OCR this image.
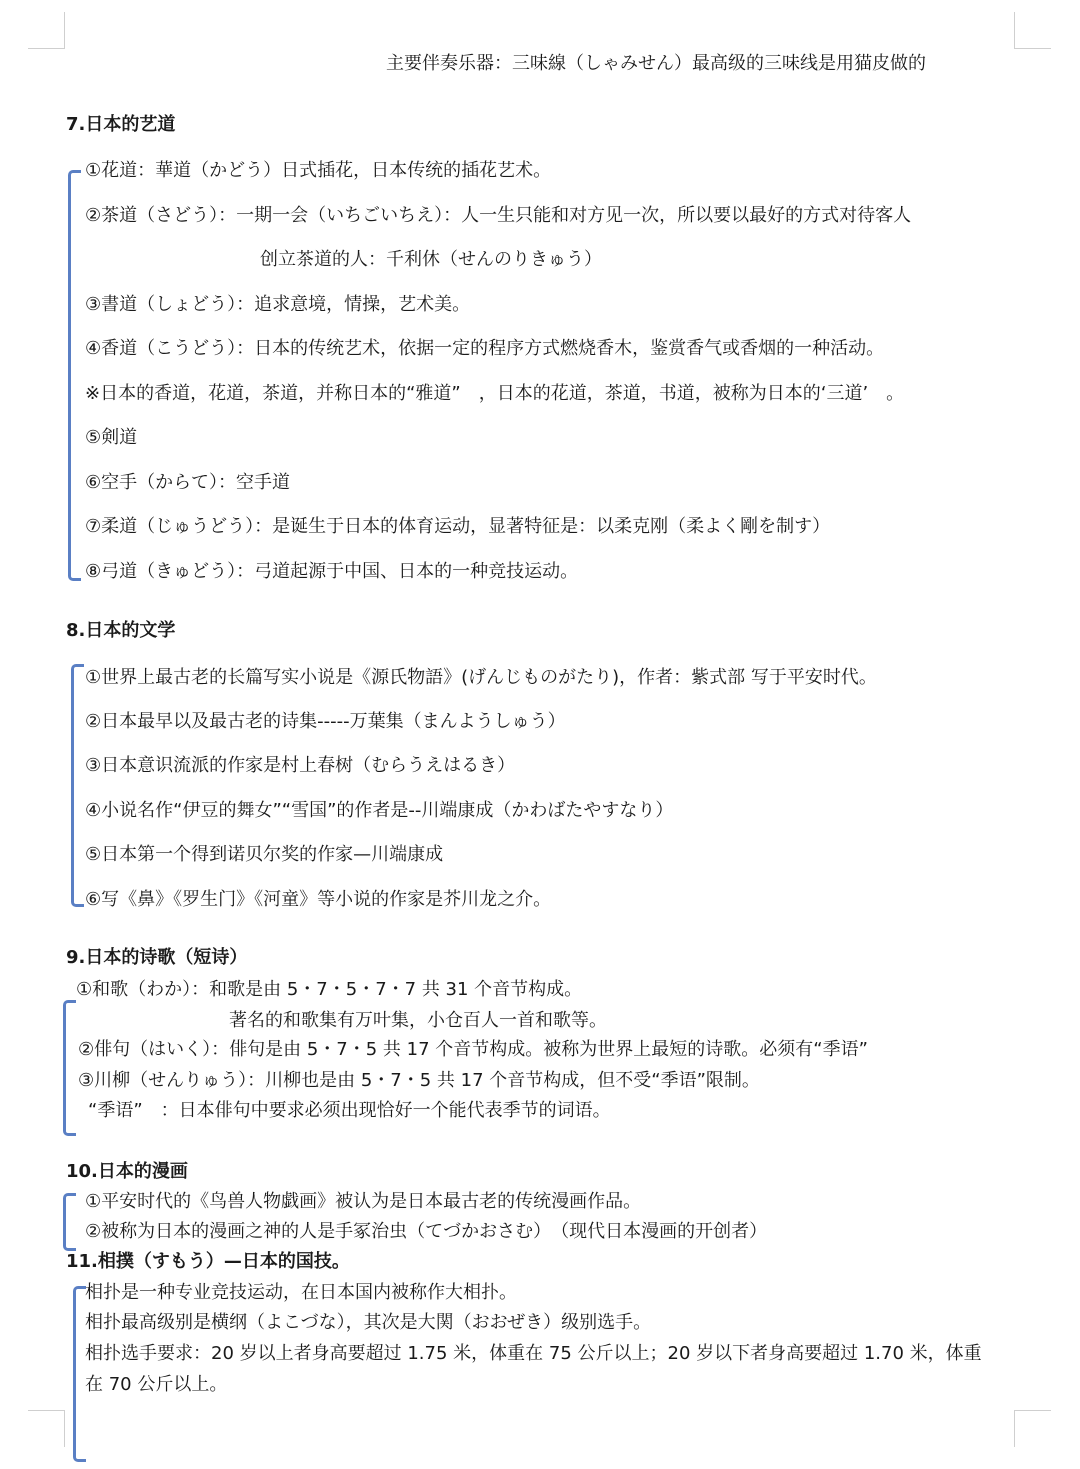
主要伴奏乐器：三味線（しゃみせん）最高级的三味线是用猫皮做的
7.日本的艺道
①花道：華道（かどう）日式插花，日本传统的插花艺术。
②茶道（さどう）：一期一会（いちごいちえ）：人一生只能和对方见一次，所以要以最好的方式对待客人
创立茶道的人：千利休（せんのりきゅう）
③書道（しょどう）：追求意境，情操，艺术美。
④香道（こうどう）：日本的传统艺术，依据一定的程序方式燃烧香木，鉴赏香气或香烟的一种活动。
※日本的香道，花道，茶道，并称日本的“雅道”　，日本的花道，茶道，书道，被称为日本的‘三道’　。
⑤剣道
⑥空手（からて）：空手道
⑦柔道（じゅうどう）：是诞生于日本的体育运动，显著特征是：以柔克刚（柔よく剛を制す）
⑧弓道（きゅどう）：弓道起源于中国、日本的一种竞技运动。
8.日本的文学
①世界上最古老的长篇写实小说是《源氏物語》(げんじものがたり)，作者：紫式部 写于平安时代。
②日本最早以及最古老的诗集-----万葉集（まんようしゅう）
③日本意识流派的作家是村上春树（むらうえはるき）
④小说名作“伊豆的舞女”“雪国”的作者是--川端康成（かわばたやすなり）
⑤日本第一个得到诺贝尔奖的作家—川端康成
⑥写《鼻》《罗生门》《河童》等小说的作家是芥川龙之介。
9.日本的诗歌（短诗）
①和歌（わか）：和歌是由 5・7・5・7・7 共 31 个音节构成。
著名的和歌集有万叶集，小仓百人一首和歌等。
②俳句（はいく）：俳句是由 5・7・5 共 17 个音节构成。被称为世界上最短的诗歌。必须有“季语”
③川柳（せんりゅう）：川柳也是由 5・7・5 共 17 个音节构成，但不受“季语”限制。
“季语”　：日本俳句中要求必须出现恰好一个能代表季节的词语。
10.日本的漫画
①平安时代的《鸟兽人物戯画》被认为是日本最古老的传统漫画作品。
②被称为日本的漫画之神的人是手冢治虫（てづかおさむ）　（现代日本漫画的开创者）
11.相撲（すもう）—日本的国技。
相扑是一种专业竞技运动，在日本国内被称作大相扑。
相扑最高级别是横纲（よこづな），其次是大関（おおぜき）级别选手。
相扑选手要求：20 岁以上者身高要超过 1.75 米，体重在 75 公斤以上；20 岁以下者身高要超过 1.70 米，体重
在 70 公斤以上。
